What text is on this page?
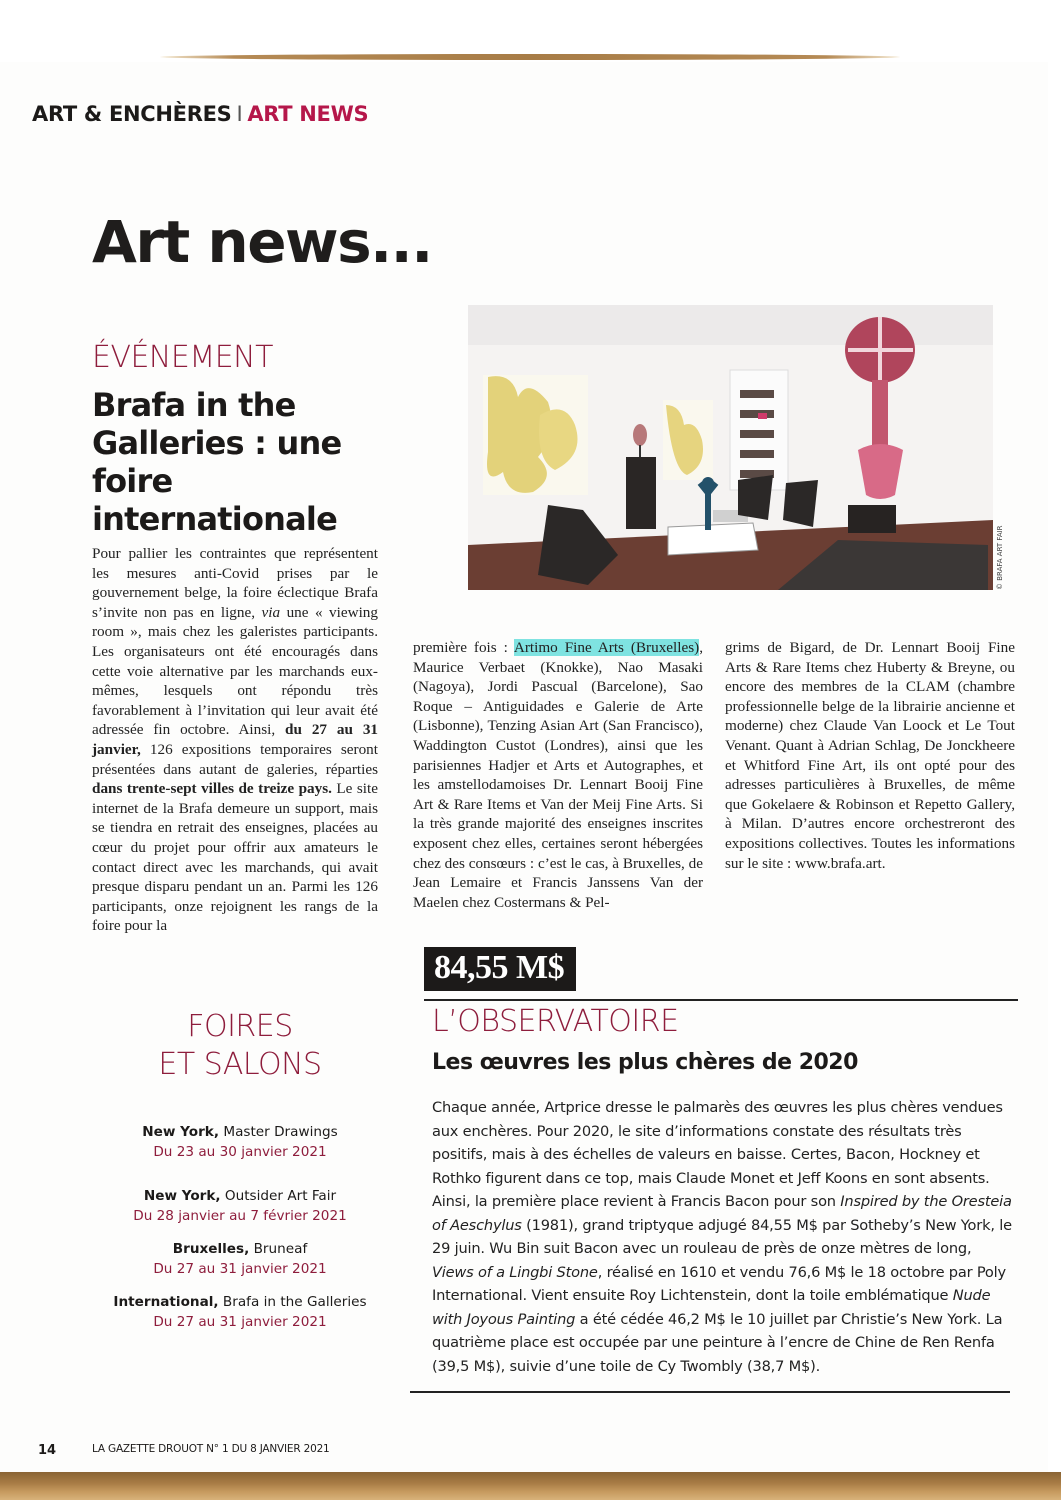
ART & ENCHÈRES I ART NEWS
Art news...
ÉVÉNEMENT
Brafa in the Galleries : une foire internationale
Pour pallier les contraintes que représentent les mesures anti-Covid prises par le gouvernement belge, la foire éclectique Brafa s’invite non pas en ligne, via une « viewing room », mais chez les galeristes participants. Les organisateurs ont été encouragés dans cette voie alternative par les marchands eux-mêmes, lesquels ont répondu très favorablement à l’invitation qui leur avait été adressée fin octobre. Ainsi, du 27 au 31 janvier, 126 expositions temporaires seront présentées dans autant de galeries, réparties dans trente-sept villes de treize pays. Le site internet de la Brafa demeure un support, mais se tiendra en retrait des enseignes, placées au cœur du projet pour offrir aux amateurs le contact direct avec les marchands, qui avait presque disparu pendant un an. Parmi les 126 participants, onze rejoignent les rangs de la foire pour la
© BRAFA ART FAIR
première fois : Artimo Fine Arts (Bruxelles), Maurice Verbaet (Knokke), Nao Masaki (Nagoya), Jordi Pascual (Barcelone), Sao Roque – Antiguidades e Galerie de Arte (Lisbonne), Tenzing Asian Art (San Francisco), Waddington Custot (Londres), ainsi que les parisiennes Hadjer et Arts et Autographes, et les amstellodamoises Dr. Lennart Booij Fine Art & Rare Items et Van der Meij Fine Arts. Si la très grande majorité des enseignes inscrites exposent chez elles, certaines seront hébergées chez des consœurs : c’est le cas, à Bruxelles, de Jean Lemaire et Francis Janssens Van der Maelen chez Costermans & Pel-
grims de Bigard, de Dr. Lennart Booij Fine Arts & Rare Items chez Huberty & Breyne, ou encore des membres de la CLAM (chambre professionnelle belge de la librairie ancienne et moderne) chez Claude Van Loock et Le Tout Venant. Quant à Adrian Schlag, De Jonckheere et Whitford Fine Art, ils ont opté pour des adresses particulières à Bruxelles, de même que Gokelaere & Robinson et Repetto Gallery, à Milan. D’autres encore orchestreront des expositions collectives. Toutes les informations sur le site : www.brafa.art.
FOIRES
ET SALONS
New York, Master Drawings
Du 23 au 30 janvier 2021
New York, Outsider Art Fair
Du 28 janvier au 7 février 2021
Bruxelles, Bruneaf
Du 27 au 31 janvier 2021
International, Brafa in the Galleries
Du 27 au 31 janvier 2021
84,55 M$
L’OBSERVATOIRE
Les œuvres les plus chères de 2020
Chaque année, Artprice dresse le palmarès des œuvres les plus chères vendues aux enchères. Pour 2020, le site d’informations constate des résultats très positifs, mais à des échelles de valeurs en baisse. Certes, Bacon, Hockney et Rothko figurent dans ce top, mais Claude Monet et Jeff Koons en sont absents. Ainsi, la première place revient à Francis Bacon pour son Inspired by the Oresteia of Aeschylus (1981), grand triptyque adjugé 84,55 M$ par Sotheby’s New York, le 29 juin. Wu Bin suit Bacon avec un rouleau de près de onze mètres de long, Views of a Lingbi Stone, réalisé en 1610 et vendu 76,6 M$ le 18 octobre par Poly International. Vient ensuite Roy Lichtenstein, dont la toile emblématique Nude with Joyous Painting a été cédée 46,2 M$ le 10 juillet par Christie’s New York. La quatrième place est occupée par une peinture à l’encre de Chine de Ren Renfa (39,5 M$), suivie d’une toile de Cy Twombly (38,7 M$).
14	LA GAZETTE DROUOT N° 1 DU 8 JANVIER 2021
